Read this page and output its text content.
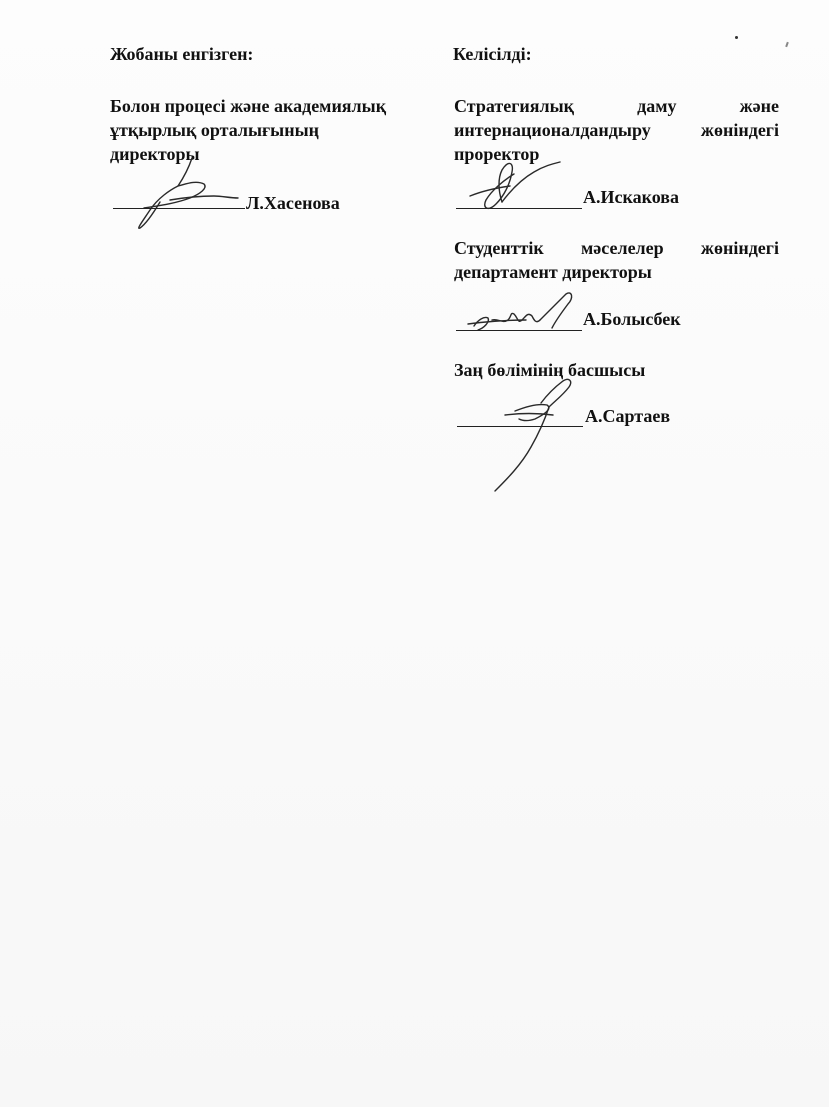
Жобаны енгізген:
Болон процесі және академиялық
ұтқырлық орталығының
директоры
Л.Хасенова
Келісілді:
Стратегиялық	даму	және
интернационалдандыру	жөніндегі
проректор
А.Искакова
Студенттік мәселелер жөніндегі
департамент директоры
А.Болысбек
Заң бөлімінің басшысы
А.Сартаев
